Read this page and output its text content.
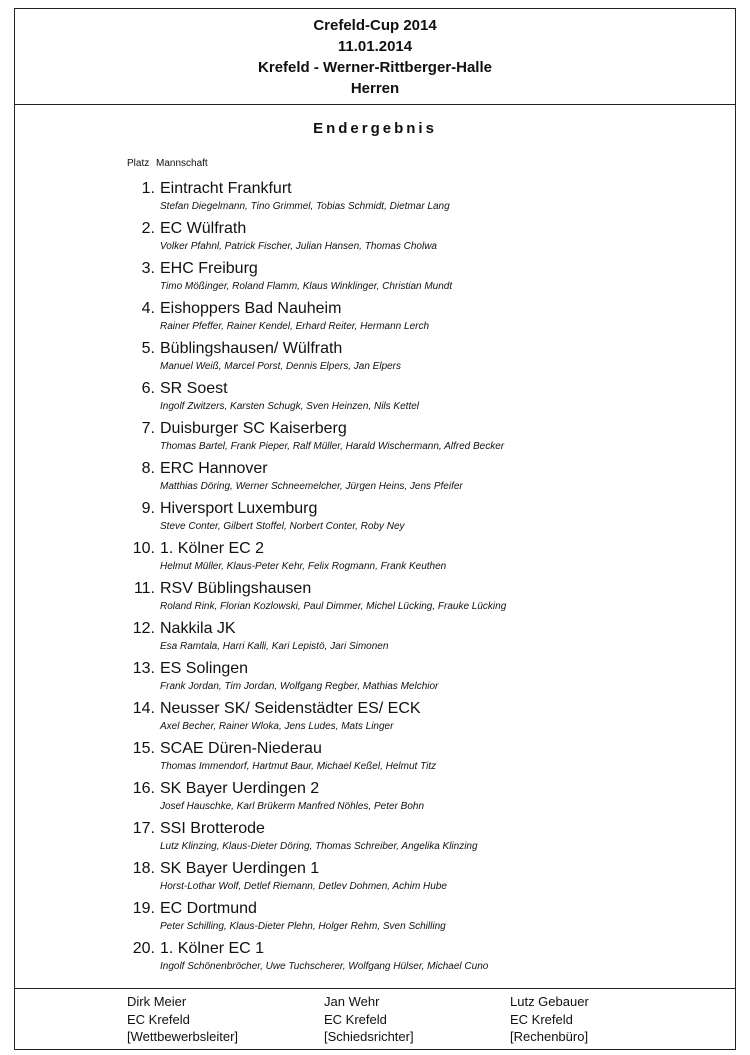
Crefeld-Cup 2014
11.01.2014
Krefeld - Werner-Rittberger-Halle
Herren
Endergebnis
Platz Mannschaft
1. Eintracht Frankfurt
Stefan Diegelmann, Tino Grimmel, Tobias Schmidt, Dietmar Lang
2. EC Wülfrath
Volker Pfahnl, Patrick Fischer, Julian Hansen, Thomas Cholwa
3. EHC Freiburg
Timo Mößinger, Roland Flamm, Klaus Winklinger, Christian Mundt
4. Eishoppers Bad Nauheim
Rainer Pfeffer, Rainer Kendel, Erhard Reiter, Hermann Lerch
5. Büblingshausen/ Wülfrath
Manuel Weiß, Marcel Porst, Dennis Elpers, Jan Elpers
6. SR Soest
Ingolf Zwitzers, Karsten Schugk, Sven Heinzen, Nils Kettel
7. Duisburger SC Kaiserberg
Thomas Bartel, Frank Pieper, Ralf Müller, Harald Wischermann, Alfred Becker
8. ERC Hannover
Matthias Döring, Werner Schneemelcher, Jürgen Heins, Jens Pfeifer
9. Hiversport Luxemburg
Steve Conter, Gilbert Stoffel, Norbert Conter, Roby Ney
10. 1. Kölner EC 2
Helmut Müller, Klaus-Peter Kehr, Felix Rogmann, Frank Keuthen
11. RSV Büblingshausen
Roland Rink, Florian Kozlowski, Paul Dimmer, Michel Lücking, Frauke Lücking
12. Nakkila JK
Esa Ramtala, Harri Kalli, Kari Lepistö, Jari Simonen
13. ES Solingen
Frank Jordan, Tim Jordan, Wolfgang Regber, Mathias Melchior
14. Neusser SK/ Seidenstädter ES/ ECK
Axel Becher, Rainer Wloka, Jens Ludes, Mats Linger
15. SCAE Düren-Niederau
Thomas Immendorf, Hartmut Baur, Michael Keßel, Helmut Titz
16. SK Bayer Uerdingen 2
Josef Hauschke, Karl Brükerm Manfred Nöhles, Peter Bohn
17. SSI Brotterode
Lutz Klinzing, Klaus-Dieter Döring, Thomas Schreiber, Angelika Klinzing
18. SK Bayer Uerdingen 1
Horst-Lothar Wolf, Detlef Riemann, Detlev Dohmen, Achim Hube
19. EC Dortmund
Peter Schilling, Klaus-Dieter Plehn, Holger Rehm, Sven Schilling
20. 1. Kölner EC 1
Ingolf Schönenbröcher, Uwe Tuchscherer, Wolfgang Hülser, Michael Cuno
Dirk Meier
EC Krefeld
[Wettbewerbsleiter]
Jan Wehr
EC Krefeld
[Schiedsrichter]
Lutz Gebauer
EC Krefeld
[Rechenbüro]
